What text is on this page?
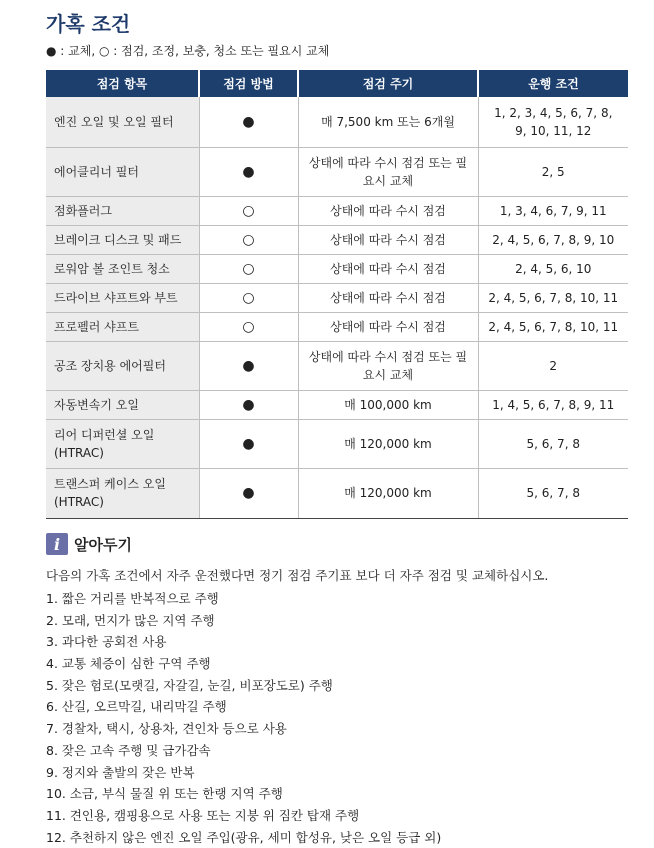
가혹 조건
● : 교체, ○ : 점검, 조정, 보충, 청소 또는 필요시 교체
점검 항목	점검 방법	점검 주기	운행 조건
엔진 오일 및 오일 필터	●	매 7,500 km 또는 6개월	1, 2, 3, 4, 5, 6, 7, 8, 9, 10, 11, 12
에어클리너 필터	●	상태에 따라 수시 점검 또는 필요시 교체	2, 5
점화플러그	○	상태에 따라 수시 점검	1, 3, 4, 6, 7, 9, 11
브레이크 디스크 및 패드	○	상태에 따라 수시 점검	2, 4, 5, 6, 7, 8, 9, 10
로워암 볼 조인트 청소	○	상태에 따라 수시 점검	2, 4, 5, 6, 10
드라이브 샤프트와 부트	○	상태에 따라 수시 점검	2, 4, 5, 6, 7, 8, 10, 11
프로펠러 샤프트	○	상태에 따라 수시 점검	2, 4, 5, 6, 7, 8, 10, 11
공조 장치용 에어필터	●	상태에 따라 수시 점검 또는 필요시 교체	2
자동변속기 오일	●	매 100,000 km	1, 4, 5, 6, 7, 8, 9, 11
리어 디퍼런셜 오일 (HTRAC)	●	매 120,000 km	5, 6, 7, 8
트랜스퍼 케이스 오일 (HTRAC)	●	매 120,000 km	5, 6, 7, 8
i 알아두기
다음의 가혹 조건에서 자주 운전했다면 정기 점검 주기표 보다 더 자주 점검 및 교체하십시오.
1. 짧은 거리를 반복적으로 주행
2. 모래, 먼지가 많은 지역 주행
3. 과다한 공회전 사용
4. 교통 체증이 심한 구역 주행
5. 잦은 험로(모랫길, 자갈길, 눈길, 비포장도로) 주행
6. 산길, 오르막길, 내리막길 주행
7. 경찰차, 택시, 상용차, 견인차 등으로 사용
8. 잦은 고속 주행 및 급가감속
9. 정지와 출발의 잦은 반복
10. 소금, 부식 물질 위 또는 한랭 지역 주행
11. 견인용, 캠핑용으로 사용 또는 지붕 위 짐칸 탑재 주행
12. 추천하지 않은 엔진 오일 주입(광유, 세미 합성유, 낮은 오일 등급 외)
